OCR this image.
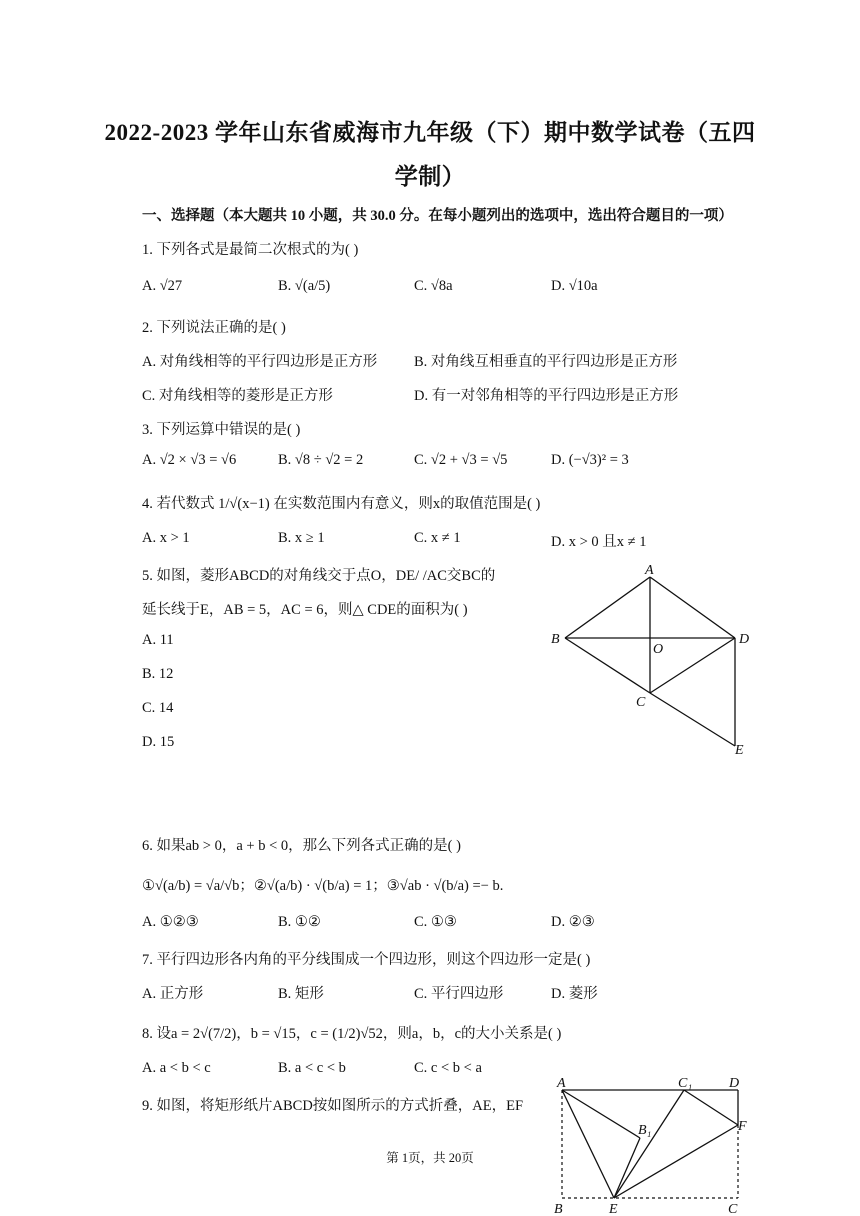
2022-2023 学年山东省威海市九年级（下）期中数学试卷（五四
学制）
一、选择题（本大题共 10 小题，共 30.0 分。在每小题列出的选项中，选出符合题目的一项）
1. 下列各式是最简二次根式的为( )
A. √27	B. √(a/5)	C. √8a	D. √10a
2. 下列说法正确的是( )
A. 对角线相等的平行四边形是正方形	B. 对角线互相垂直的平行四边形是正方形
C. 对角线相等的菱形是正方形	D. 有一对邻角相等的平行四边形是正方形
3. 下列运算中错误的是( )
A. √2 × √3 = √6	B. √8 ÷ √2 = 2	C. √2 + √3 = √5	D. (−√3)² = 3
4. 若代数式 1/√(x−1) 在实数范围内有意义，则x的取值范围是( )
A. x > 1	B. x ≥ 1	C. x ≠ 1	D. x > 0 且x ≠ 1
5. 如图，菱形ABCD的对角线交于点O，DE/ /AC交BC的
延长线于E，AB = 5，AC = 6，则△ CDE的面积为( )
A. 11
B. 12
C. 14
D. 15
A
B
C
D
O
E
6. 如果ab > 0，a + b < 0，那么下列各式正确的是( )
①√(a/b) = √a/√b；②√(a/b) · √(b/a) = 1；③√ab · √(b/a) =− b.
A. ①②③	B. ①②	C. ①③	D. ②③
7. 平行四边形各内角的平分线围成一个四边形，则这个四边形一定是( )
A. 正方形	B. 矩形	C. 平行四边形	D. 菱形
8. 设a = 2√(7/2)，b = √15，c = (1/2)√52，则a，b，c的大小关系是( )
A. a < b < c	B. a < c < b	C. c < b < a
9. 如图，将矩形纸片ABCD按如图所示的方式折叠，AE，EF
A	C₁	D
B₁	F
B	E	C
第 1页，共 20页
